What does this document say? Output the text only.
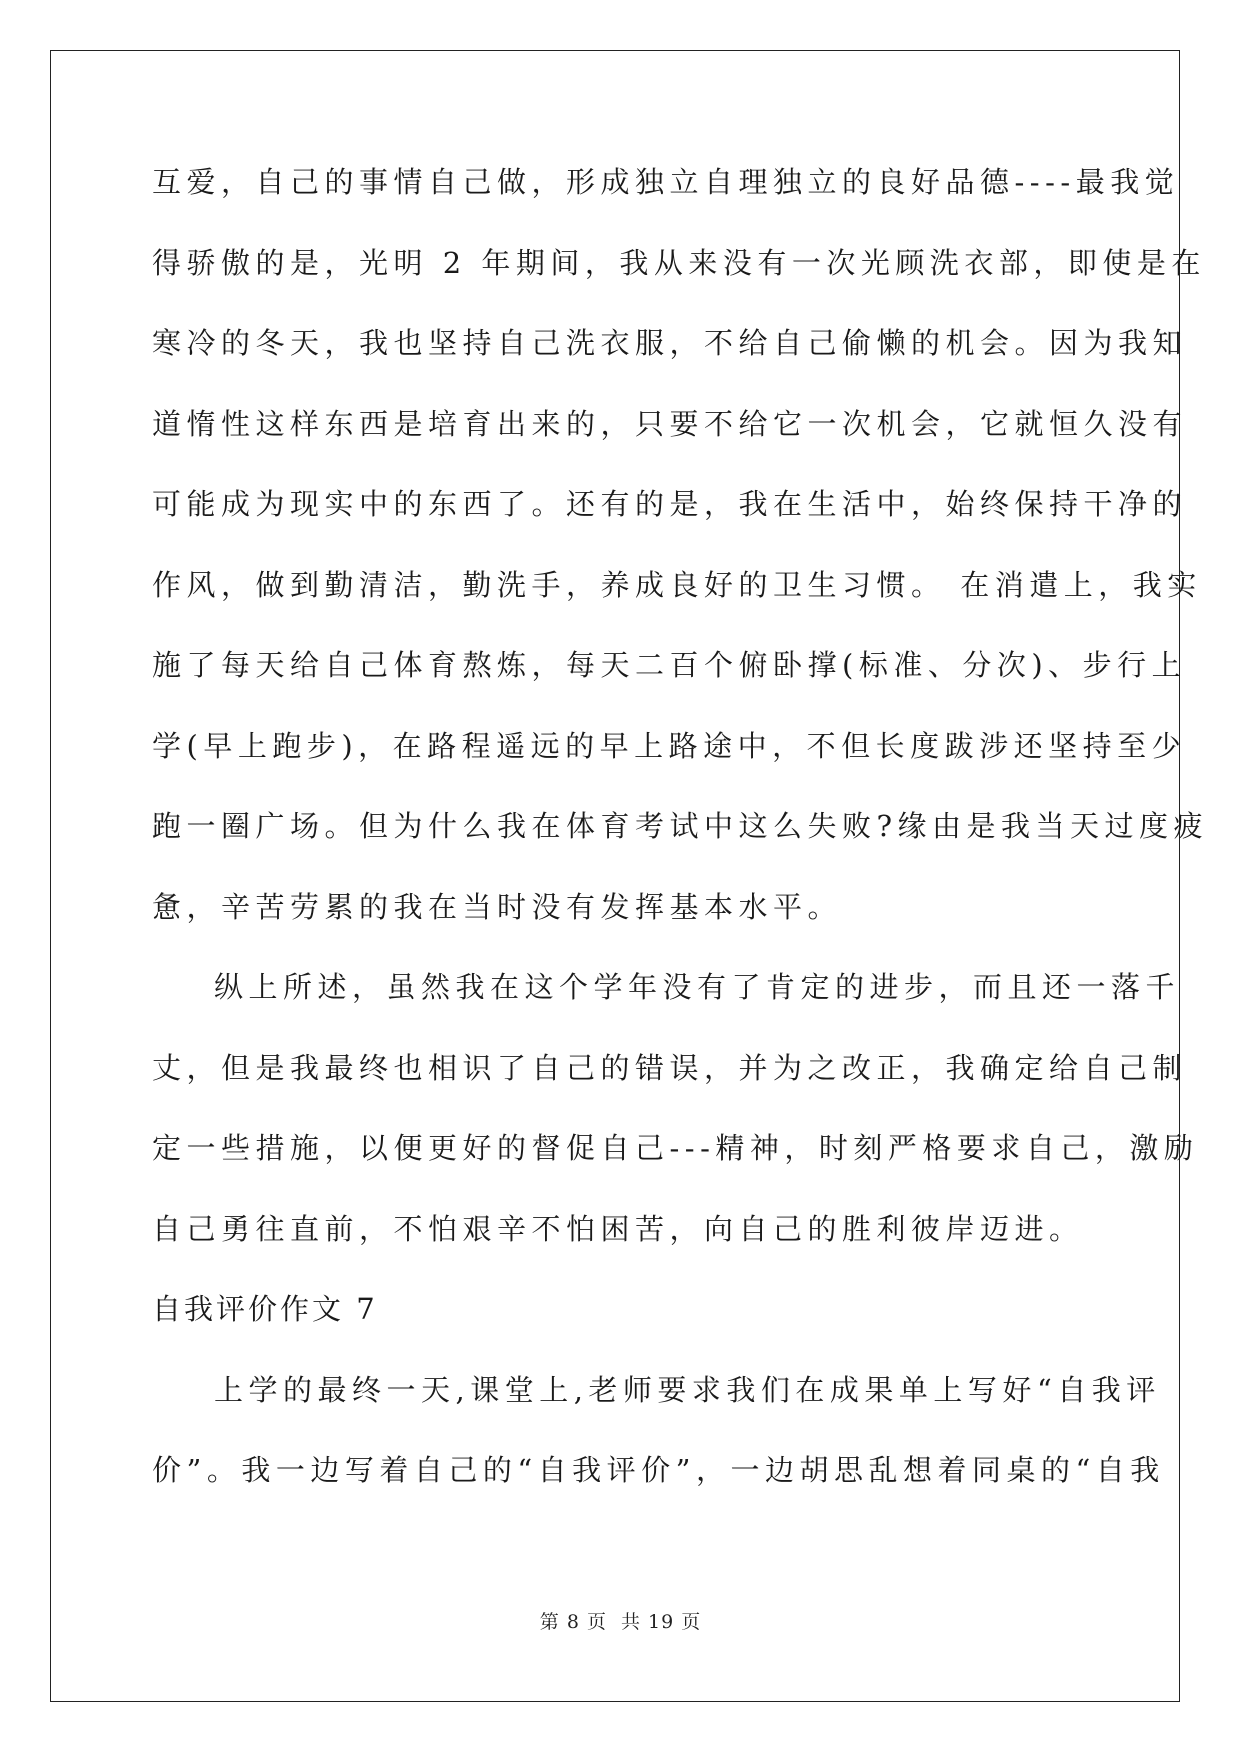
互爱，自己的事情自己做，形成独立自理独立的良好品德----最我觉
得骄傲的是，光明 2 年期间，我从来没有一次光顾洗衣部，即使是在
寒冷的冬天，我也坚持自己洗衣服，不给自己偷懒的机会。因为我知
道惰性这样东西是培育出来的，只要不给它一次机会，它就恒久没有
可能成为现实中的东西了。还有的是，我在生活中，始终保持干净的
作风，做到勤清洁，勤洗手，养成良好的卫生习惯。 在消遣上，我实
施了每天给自己体育熬炼，每天二百个俯卧撑(标准、分次)、步行上
学(早上跑步)，在路程遥远的早上路途中，不但长度跋涉还坚持至少
跑一圈广场。但为什么我在体育考试中这么失败?缘由是我当天过度疲
惫，辛苦劳累的我在当时没有发挥基本水平。
纵上所述，虽然我在这个学年没有了肯定的进步，而且还一落千
丈，但是我最终也相识了自己的错误，并为之改正，我确定给自己制
定一些措施，以便更好的督促自己---精神，时刻严格要求自己，激励
自己勇往直前，不怕艰辛不怕困苦，向自己的胜利彼岸迈进。
自我评价作文 7
上学的最终一天,课堂上,老师要求我们在成果单上写好“自我评
价”。我一边写着自己的“自我评价”，一边胡思乱想着同桌的“自我
第 8 页 共 19 页
